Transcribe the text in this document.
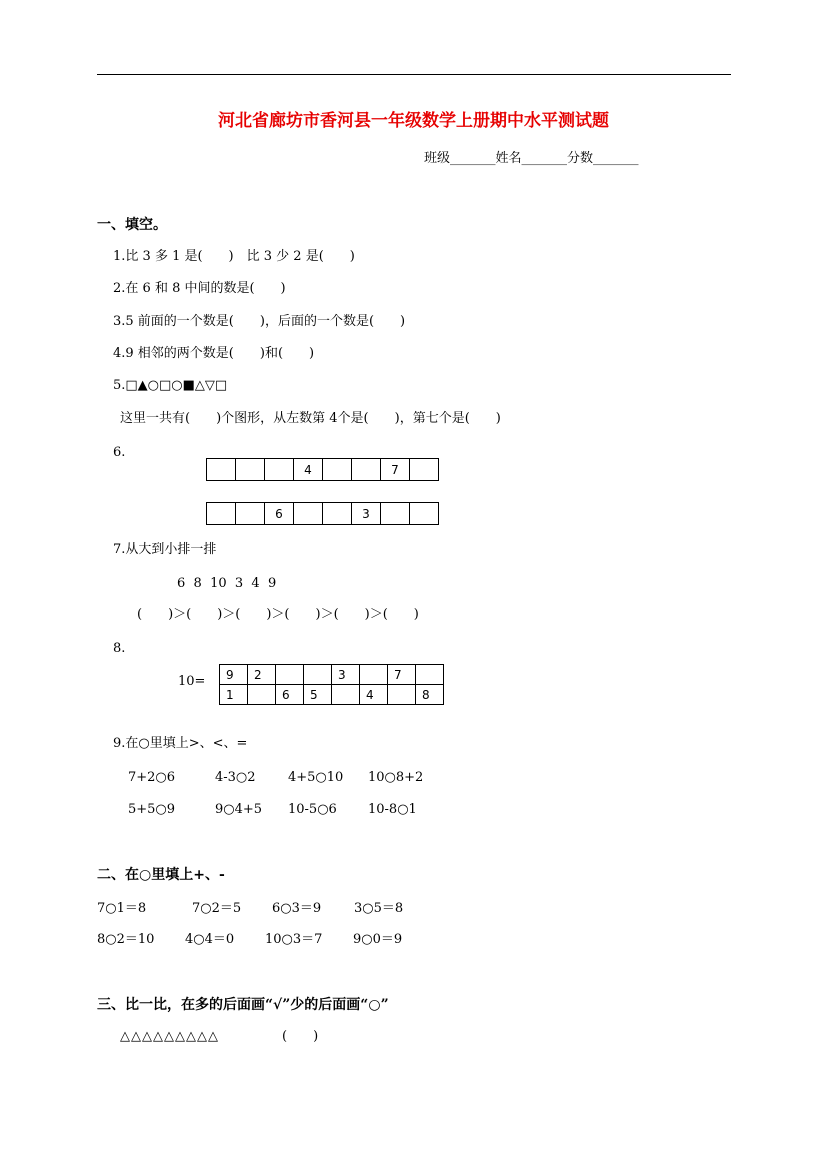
河北省廊坊市香河县一年级数学上册期中水平测试题
班级_______姓名_______分数_______
一、填空。
1.比 3 多 1 是(　　)　比 3 少 2 是(　　)
2.在 6 和 8 中间的数是(　　)
3.5 前面的一个数是(　　)，后面的一个数是(　　)
4.9 相邻的两个数是(　　)和(　　)
5.□▲○□○■△▽□
这里一共有(　　)个图形，从左数第 4个是(　　)，第七个是(　　)
6.
			4			7	
		6			3		
7.从大到小排一排
6  8  10  3  4  9
(　　)＞(　　)＞(　　)＞(　　)＞(　　)＞(　　)
8.
10= 9	2			3		7	
1		6	5		4		8
9.在○里填上>、<、=
7+2○6	4-3○2 4+5○10 10○8+2
5+5○9	9○4+5 10-5○6 10-8○1
二、在○里填上+、-
7○1＝8	7○2＝5 6○3＝9	3○5＝8
8○2＝10 4○4＝0 10○3＝7 9○0＝9
三、比一比，在多的后面画“√”少的后面画“○”
△△△△△△△△△	(　　)
